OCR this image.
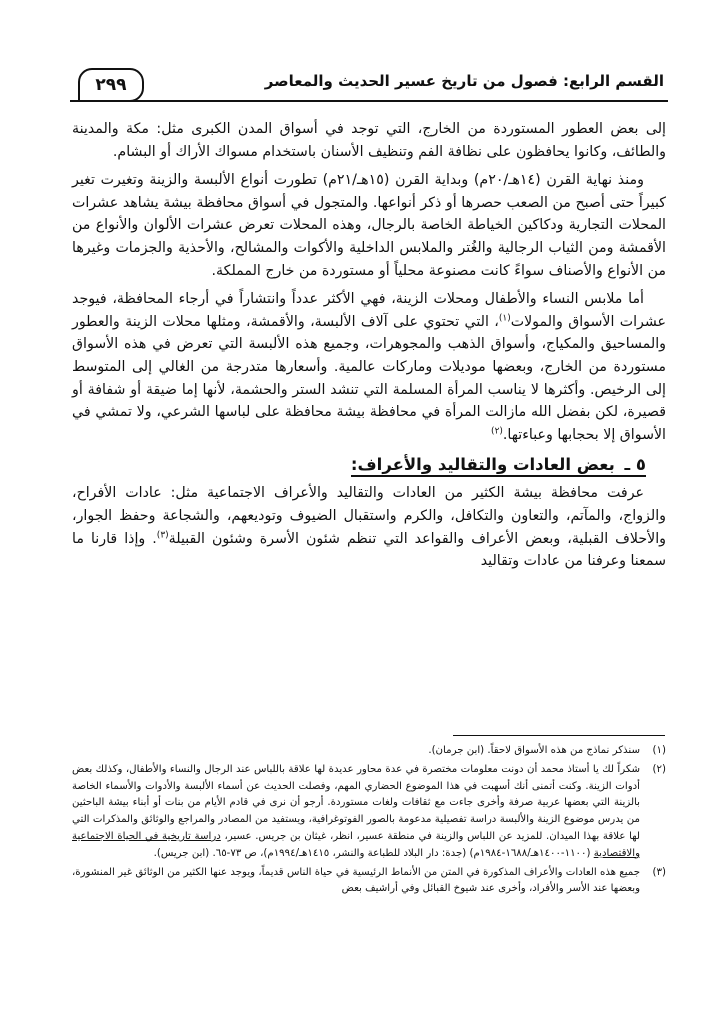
القسم الرابع: فصول من تاريخ عسير الحديث والمعاصر
٢٩٩

إلى بعض العطور المستوردة من الخارج، التي توجد في أسواق المدن الكبرى مثل: مكة والمدينة والطائف، وكانوا يحافظون على نظافة الفم وتنظيف الأسنان باستخدام مسواك الأراك أو البشام.

ومنذ نهاية القرن (١٤هـ/٢٠م) وبداية القرن (١٥هـ/٢١م) تطورت أنواع الألبسة والزينة وتغيرت تغير كبيراً حتى أصبح من الصعب حصرها أو ذكر أنواعها. والمتجول في أسواق محافظة بيشة يشاهد عشرات المحلات التجارية ودكاكين الخياطة الخاصة بالرجال، وهذه المحلات تعرض عشرات الألوان والأنواع من الأقمشة ومن الثياب الرجالية والغُتر والملابس الداخلية والأكوات والمشالح، والأحذية والجزمات وغيرها من الأنواع والأصناف سواءً كانت مصنوعة محلياً أو مستوردة من خارج المملكة.

أما ملابس النساء والأطفال ومحلات الزينة، فهي الأكثر عدداً وانتشاراً في أرجاء المحافظة، فيوجد عشرات الأسواق والمولات$^{(١)}$، التي تحتوي على آلاف الألبسة، والأقمشة، ومثلها محلات الزينة والعطور والمساحيق والمكياج، وأسواق الذهب والمجوهرات، وجميع هذه الألبسة التي تعرض في هذه الأسواق مستوردة من الخارج، وبعضها موديلات وماركات عالمية. وأسعارها متدرجة من الغالي إلى المتوسط إلى الرخيص. وأكثرها لا يناسب المرأة المسلمة التي تنشد الستر والحشمة، لأنها إما ضيقة أو شفافة أو قصيرة، لكن بفضل الله مازالت المرأة في محافظة بيشة محافظة على لباسها الشرعي، ولا تمشي في الأسواق إلا بحجابها وعباءتها.$^{(٢)}$

٥ ـ بعض العادات والتقاليد والأعراف:

عرفت محافظة بيشة الكثير من العادات والتقاليد والأعراف الاجتماعية مثل: عادات الأفراح، والزواج، والمآتم، والتعاون والتكافل، والكرم واستقبال الضيوف وتوديعهم، والشجاعة وحفظ الجوار، والأحلاف القبلية، وبعض الأعراف والقواعد التي تنظم شئون الأسرة وشئون القبيلة$^{(٣)}$. وإذا قارنا ما سمعنا وعرفنا من عادات وتقاليد

(١)
سنذكر نماذج من هذه الأسواق لاحقاً. (ابن جرمان).
(٢)
شكراً لك يا أستاذ محمد أن دونت معلومات مختصرة في عدة محاور عديدة لها علاقة باللباس عند الرجال والنساء والأطفال، وكذلك بعض أدوات الزينة. وكنت أتمنى أنك أسهبت في هذا الموضوع الحضاري المهم، وفصلت الحديث عن أسماء الألبسة والأدوات والأسماء الخاصة بالزينة التي بعضها عربية صرفة وأخرى جاءت مع ثقافات ولغات مستوردة. أرجو أن نرى في قادم الأيام من بنات أو أبناء بيشة الباحثين من يدرس موضوع الزينة والألبسة دراسة تفصيلية مدعومة بالصور الفوتوغرافية، ويستفيد من المصادر والمراجع والوثائق والمذكرات التي لها علاقة بهذا الميدان. للمزيد عن اللباس والزينة في منطقة عسير، انظر، غيثان بن جريس. عسير، دراسة تاريخية في الحياة الاجتماعية والاقتصادية (١١٠٠-١٤٠٠هـ/١٦٨٨-١٩٨٤م) (جدة: دار البلاد للطباعة والنشر، ١٤١٥هـ/١٩٩٤م)، ص ٧٣-٦٥. (ابن جريس).
(٣)
جميع هذه العادات والأعراف المذكورة في المتن من الأنماط الرئيسية في حياة الناس قديماً، ويوجد عنها الكثير من الوثائق غير المنشورة، وبعضها عند الأسر والأفراد، وأخرى عند شيوخ القبائل وفي أراشيف بعض
